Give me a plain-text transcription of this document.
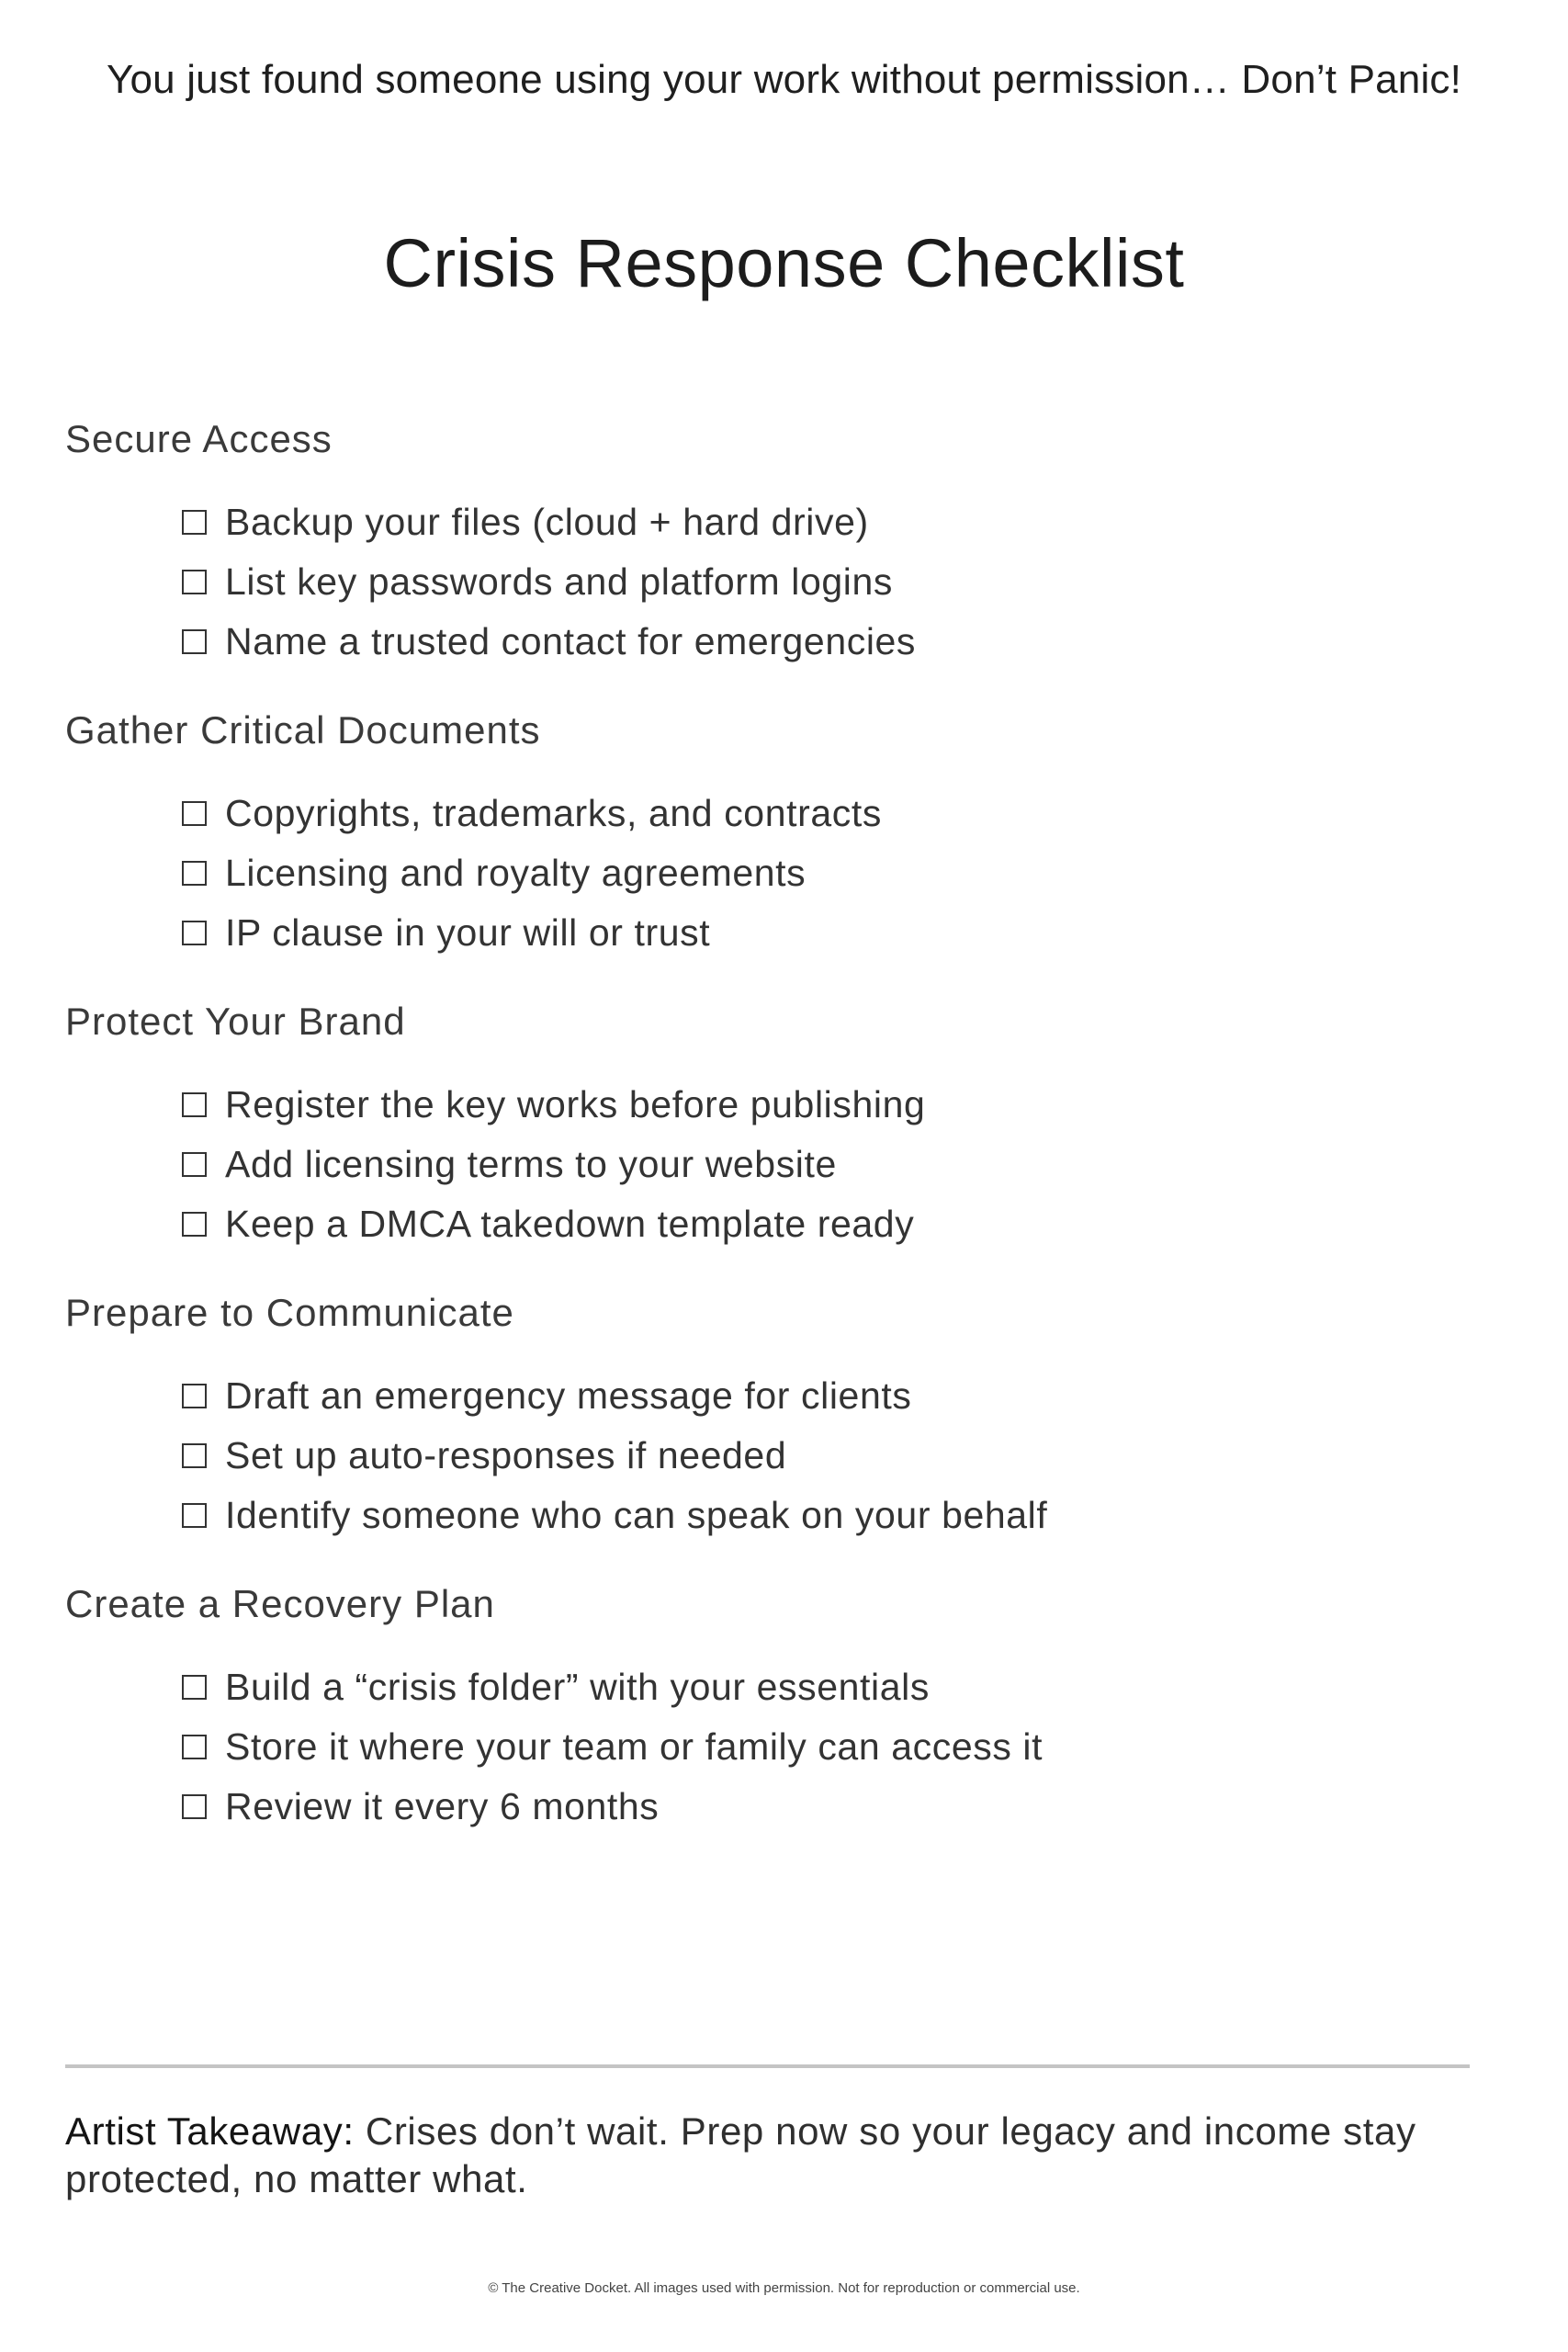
You just found someone using your work without permission… Don’t Panic!
Crisis Response Checklist
Secure Access
Backup your files (cloud + hard drive)
List key passwords and platform logins
Name a trusted contact for emergencies
Gather Critical Documents
Copyrights, trademarks, and contracts
Licensing and royalty agreements
IP clause in your will or trust
Protect Your Brand
Register the key works before publishing
Add licensing terms to your website
Keep a DMCA takedown template ready
Prepare to Communicate
Draft an emergency message for clients
Set up auto-responses if needed
Identify someone who can speak on your behalf
Create a Recovery Plan
Build a “crisis folder” with your essentials
Store it where your team or family can access it
Review it every 6 months

Artist Takeaway: Crises don’t wait. Prep now so your legacy and income stay protected, no matter what.

© The Creative Docket. All images used with permission. Not for reproduction or commercial use.
